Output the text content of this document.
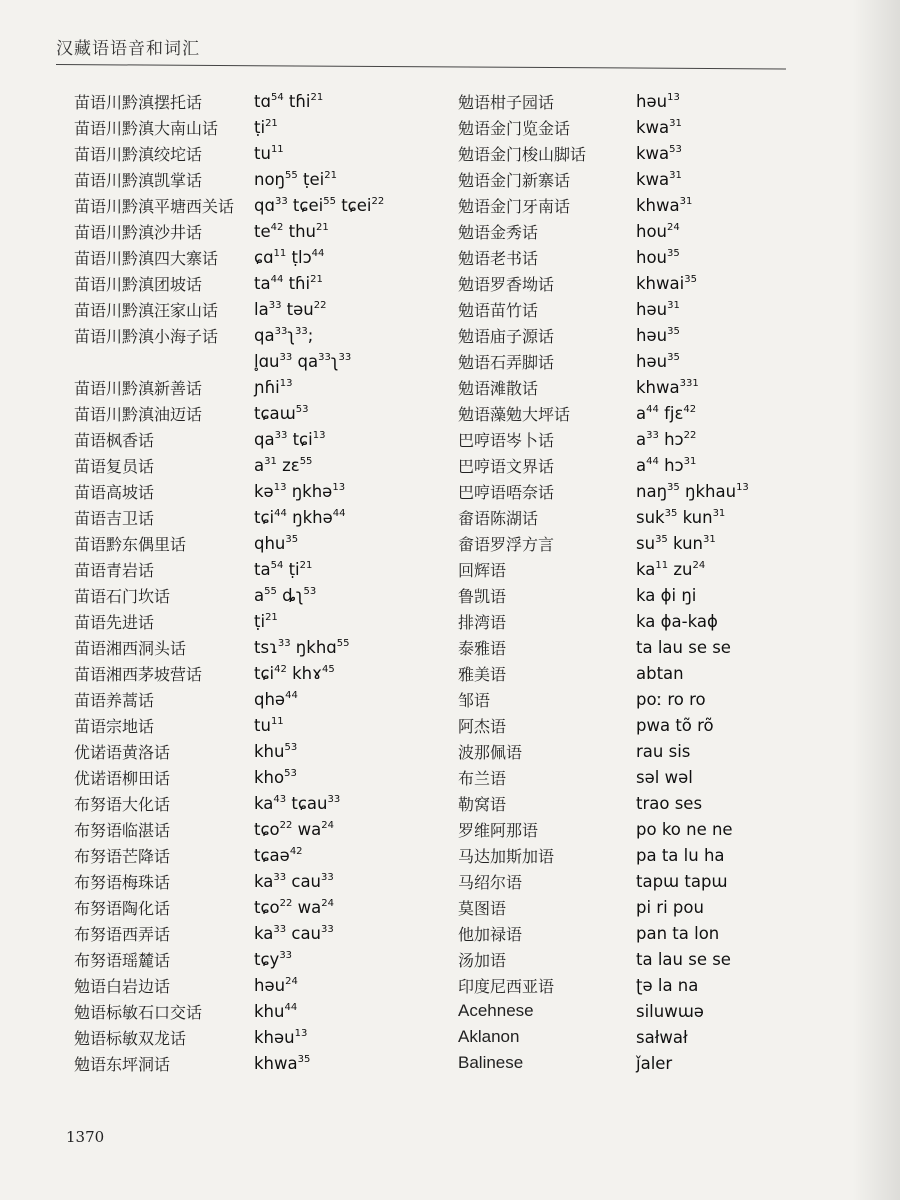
汉藏语语音和词汇
苗语川黔滇摆托话	tɑ$^{54}$ tɦi$^{21}$
苗语川黔滇大南山话	ṭi$^{21}$
苗语川黔滇绞坨话	$tu^{11}$
苗语川黔滇凯掌话	noŋ$^{55}$ ṭei$^{21}$
苗语川黔滇平塘西关话	qɑ$^{33}$ tɕei$^{55}$ tɕei$^{22}$
苗语川黔滇沙井话	$te^{42}$ thu$^{21}$
苗语川黔滇四大寨话	ɕɑ$^{11}$ ṭlɔ$^{44}$
苗语川黔滇团坡话	$ta^{44}$ tɦi$^{21}$
苗语川黔滇汪家山话	$la^{33}$ təu$^{22}$
苗语川黔滇小海子话	$qa^{33}ʅ^{33}$;
l̥ɑu$^{33}$ $qa^{33}ʅ^{33}$
苗语川黔滇新善话	ɲɦi$^{13}$
苗语川黔滇油迈话	tɕaɯ$^{53}$
苗语枫香话	$qa^{33}$ tɕi$^{13}$
苗语复员话	$a^{31}$ zɛ$^{55}$
苗语高坡话	kə$^{13}$ ŋkhə$^{13}$
苗语吉卫话	tɕi$^{44}$ ŋkhə$^{44}$
苗语黔东偶里话	qhu$^{35}$
苗语青岩话	$ta^{54}$ ṭi$^{21}$
苗语石门坎话	$a^{55}$ ȡʅ$^{53}$
苗语先进话	ṭi$^{21}$
苗语湘西洞头话	tsɿ$^{33}$ ŋkhɑ$^{55}$
苗语湘西茅坡营话	tɕi$^{42}$ khɤ$^{45}$
苗语养蒿话	qhə$^{44}$
苗语宗地话	$tu^{11}$
优诺语黄洛话	khu$^{53}$
优诺语柳田话	kho$^{53}$
布努语大化话	$ka^{43}$ tɕau$^{33}$
布努语临湛话	tɕo$^{22}$ $wa^{24}$
布努语芒降话	tɕaə$^{42}$
布努语梅珠话	$ka^{33}$ cau$^{33}$
布努语陶化话	tɕo$^{22}$ $wa^{24}$
布努语西弄话	$ka^{33}$ cau$^{33}$
布努语瑶麓话	tɕy$^{33}$
勉语白岩边话	həu$^{24}$
勉语标敏石口交话	khu$^{44}$
勉语标敏双龙话	khəu$^{13}$
勉语东坪洞话	khwa$^{35}$
勉语柑子园话	həu$^{13}$
勉语金门览金话	kwa$^{31}$
勉语金门梭山脚话	kwa$^{53}$
勉语金门新寨话	kwa$^{31}$
勉语金门牙南话	khwa$^{31}$
勉语金秀话	hou$^{24}$
勉语老书话	hou$^{35}$
勉语罗香坳话	khwai$^{35}$
勉语苗竹话	həu$^{31}$
勉语庙子源话	həu$^{35}$
勉语石弄脚话	həu$^{35}$
勉语滩散话	khwa$^{331}$
勉语藻勉大坪话	$a^{44}$ fjɛ$^{42}$
巴哼语岑卜话	$a^{33}$ hɔ$^{22}$
巴哼语文界话	$a^{44}$ hɔ$^{31}$
巴哼语唔奈话	naŋ$^{35}$ ŋkhau$^{13}$
畲语陈湖话	suk$^{35}$ kun$^{31}$
畲语罗浮方言	$su^{35}$ kun$^{31}$
回辉语	$ka^{11}$ $zu^{24}$
鲁凯语	ka ɸi ŋi
排湾语	ka ɸa-kaɸ
泰雅语	ta lau se se
雅美语	abtan
邹语	poː ro ro
阿杰语	pwa tõ rõ
波那佩语	rau sis
布兰语	səl wəl
勒窝语	trao ses
罗维阿那语	po ko ne ne
马达加斯加语	pa ta lu ha
马绍尔语	tapɯ tapɯ
莫图语	pi ri pou
他加禄语	pan ta lon
汤加语	ta lau se se
印度尼西亚语	ʈə la na
Acehnese	siluwɯə
Aklanon	sałwał
Balinese	ǰaler
1370
